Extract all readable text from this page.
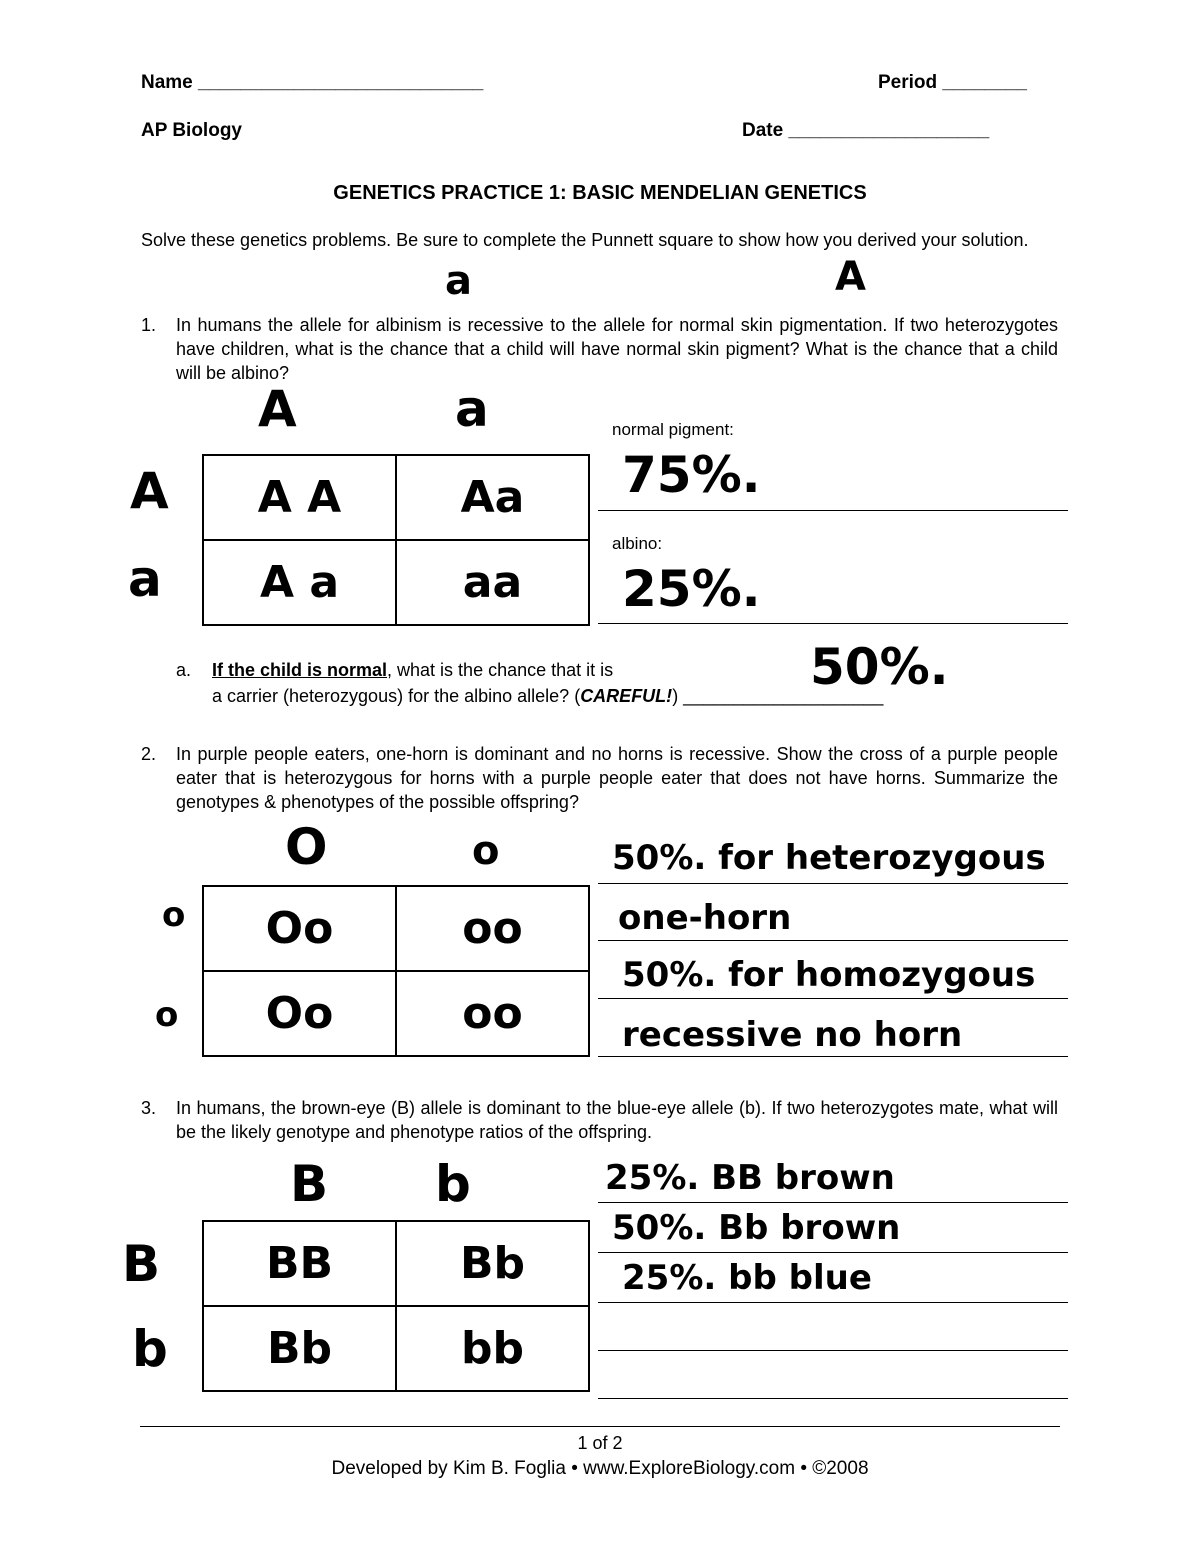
Name ___________________________	Period ________
AP Biology	Date ___________________
GENETICS PRACTICE 1: BASIC MENDELIAN GENETICS
Solve these genetics problems. Be sure to complete the Punnett square to show how you derived your solution.
a	A
1. In humans the allele for albinism is recessive to the allele for normal skin pigmentation. If two heterozygotes have children, what is the chance that a child will have normal skin pigment? What is the chance that a child will be albino?
A	a
A
a
A A	Aa
A a	aa
normal pigment:
75%.
albino:
25%.
a. If the child is normal, what is the chance that it is
a carrier (heterozygous) for the albino allele? (CAREFUL!) ____________________
50%.
2. In purple people eaters, one-horn is dominant and no horns is recessive. Show the cross of a purple people eater that is heterozygous for horns with a purple people eater that does not have horns. Summarize the genotypes & phenotypes of the possible offspring?
O	o
o
o
Oo	oo
Oo	oo
50%. for heterozygous
one-horn
50%. for homozygous
recessive no horn
3. In humans, the brown-eye (B) allele is dominant to the blue-eye allele (b). If two heterozygotes mate, what will be the likely genotype and phenotype ratios of the offspring.
B b
B
b
BB	Bb
Bb	bb
25%. BB brown
50%. Bb brown
25%. bb blue
1 of 2
Developed by Kim B. Foglia • www.ExploreBiology.com • ©2008
